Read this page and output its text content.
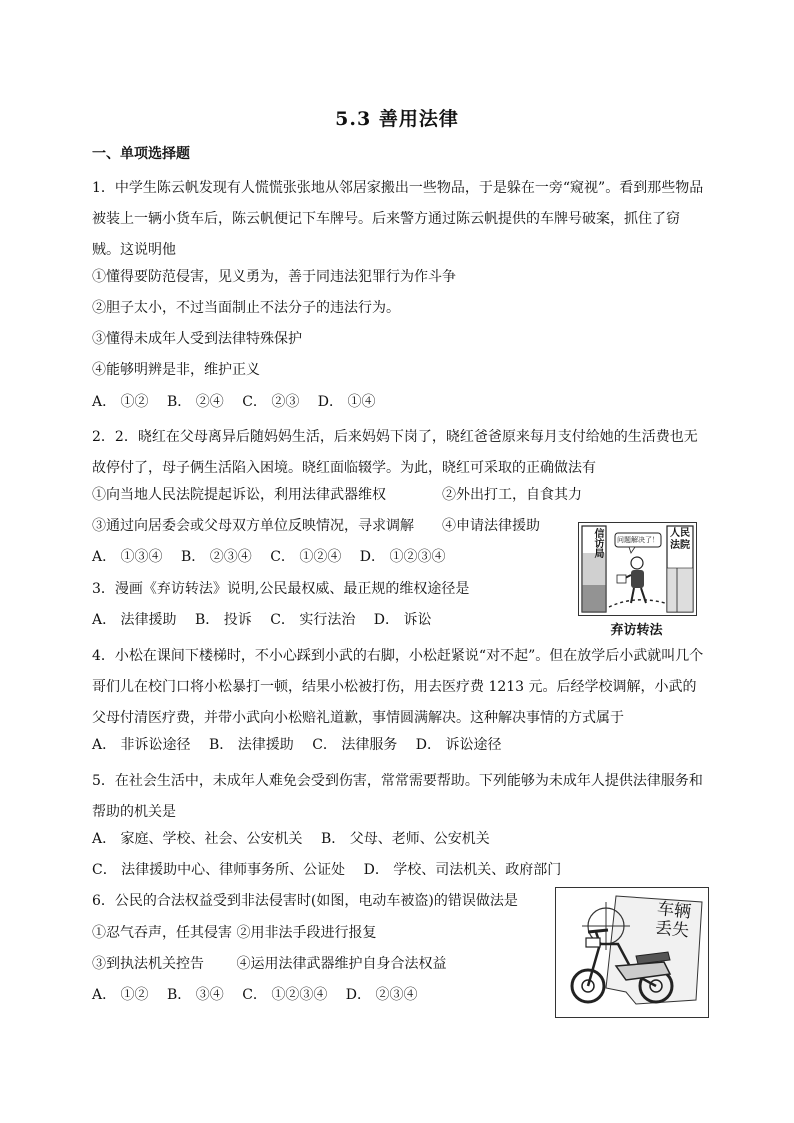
5.3 善用法律
一、单项选择题
1．中学生陈云帆发现有人慌慌张张地从邻居家搬出一些物品，于是躲在一旁“窥视”。看到那些物品被装上一辆小货车后，陈云帆便记下车牌号。后来警方通过陈云帆提供的车牌号破案，抓住了窃贼。这说明他
①懂得要防范侵害，见义勇为，善于同违法犯罪行为作斗争
②胆子太小，不过当面制止不法分子的违法行为。
③懂得未成年人受到法律特殊保护
④能够明辨是非，维护正义
A． ①②　 B． ②④　 C． ②③　 D． ①④
2．2．晓红在父母离异后随妈妈生活，后来妈妈下岗了，晓红爸爸原来每月支付给她的生活费也无故停付了，母子俩生活陷入困境。晓红面临辍学。为此，晓红可采取的正确做法有
①向当地人民法院提起诉讼，利用法律武器维权　　　　②外出打工，自食其力
③通过向居委会或父母双方单位反映情况，寻求调解　　④申请法律援助
A． ①③④　 B． ②③④　 C． ①②④　 D． ①②③④
3．漫画《弃访转法》说明,公民最权威、最正规的维权途径是
A． 法律援助　 B． 投诉　 C． 实行法治　 D． 诉讼
信访局	人民法院
问题解决了！
弃访转法
4．小松在课间下楼梯时，不小心踩到小武的右脚，小松赶紧说“对不起”。但在放学后小武就叫几个哥们儿在校门口将小松暴打一顿，结果小松被打伤，用去医疗费 1213 元。后经学校调解，小武的父母付清医疗费，并带小武向小松赔礼道歉，事情圆满解决。这种解决事情的方式属于
A． 非诉讼途径　 B． 法律援助　 C． 法律服务　 D． 诉讼途径
5．在社会生活中，未成年人难免会受到伤害，常常需要帮助。下列能够为未成年人提供法律服务和帮助的机关是
A． 家庭、学校、社会、公安机关　 B． 父母、老师、公安机关
C． 法律援助中心、律师事务所、公证处　 D． 学校、司法机关、政府部门
6．公民的合法权益受到非法侵害时(如图，电动车被盗)的错误做法是
①忍气吞声，任其侵害 ②用非法手段进行报复
③到执法机关控告　　 ④运用法律武器维护自身合法权益
A． ①②　 B． ③④　 C． ①②③④　 D． ②③④
车辆丢失
